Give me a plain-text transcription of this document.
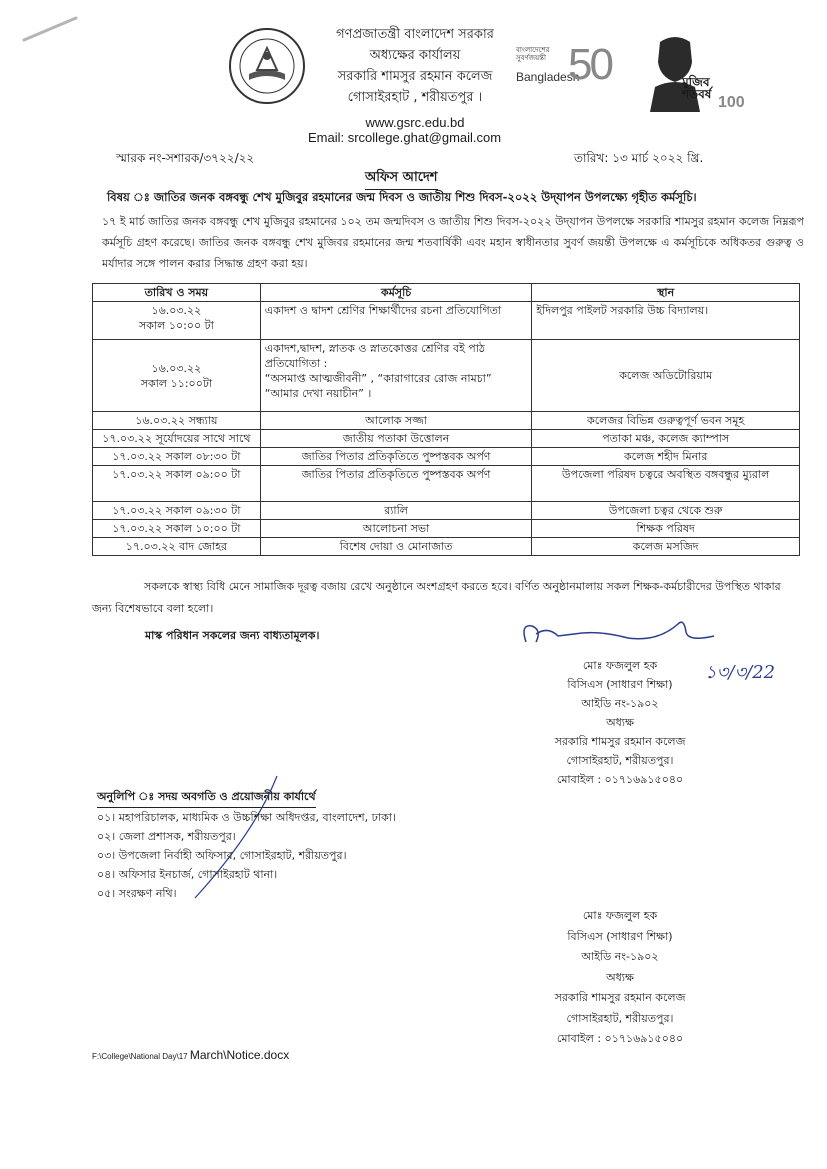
গণপ্রজাতন্ত্রী বাংলাদেশ সরকার
অধ্যক্ষের কার্যালয়
সরকারি শামসুর রহমান কলেজ
গোসাইরহাট , শরীয়তপুর ।
www.gsrc.edu.bd
Email: srcollege.ghat@gmail.com
বাংলাদেশের সুবর্ণজয়ন্তী
Bangladesh
50	মুজিব শতবর্ষ 100
স্মারক নং-সশারক/৩৭২২/২২	তারিখ: ১৩ মার্চ ২০২২ খ্রি.
অফিস আদেশ
বিষয় ঃ জাতির জনক বঙ্গবন্ধু শেখ মুজিবুর রহমানের জন্ম দিবস ও জাতীয় শিশু দিবস-২০২২ উদ্‌যাপন উপলক্ষ্যে গৃহীত কর্মসূচি।
১৭ ই মার্চ জাতির জনক বঙ্গবন্ধু শেখ মুজিবুর রহমানের ১০২ তম জন্মদিবস ও জাতীয় শিশু দিবস-২০২২ উদ্‌যাপন উপলক্ষে সরকারি শামসুর রহমান কলেজ নিম্নরূপ কর্মসূচি গ্রহণ করেছে। জাতির জনক বঙ্গবন্ধু শেখ মুজিবর রহমানের জন্ম শতবার্ষিকী এবং মহান স্বাধীনতার সুবর্ণ জয়ন্তী উপলক্ষে এ কর্মসূচিকে অধিকতর গুরুত্ব ও মর্যাদার সঙ্গে পালন করার সিদ্ধান্ত গ্রহণ করা হয়।
তারিখ ও সময়	কর্মসূচি	স্থান
১৬.০৩.২২
সকাল ১০:০০ টা	একাদশ ও দ্বাদশ শ্রেণির শিক্ষার্থীদের রচনা প্রতিযোগিতা	ইদিলপুর পাইলট সরকারি উচ্চ বিদ্যালয়।
১৬.০৩.২২
সকাল ১১:০০টা	একাদশ,দ্বাদশ, স্নাতক ও স্নাতকোত্তর শ্রেণির বই পাঠ প্রতিযোগিতা :
“অসমাপ্ত আত্মজীবনী” , “কারাগারের রোজ নামচা”
“আমার দেখা নয়াচীন” ।	কলেজ অডিটোরিয়াম
১৬.০৩.২২ সন্ধ্যায়	আলোক সজ্জা	কলেজর বিভিন্ন গুরুত্বপূর্ণ ভবন সমূহ
১৭.০৩.২২ সূর্যোদয়ের সাথে সাথে	জাতীয় পতাকা উত্তোলন	পতাকা মঞ্চ, কলেজ ক্যাম্পাস
১৭.০৩.২২ সকাল ০৮:৩০ টা	জাতির পিতার প্রতিকৃতিতে পুষ্পস্তবক অর্পণ	কলেজ শহীদ মিনার
১৭.০৩.২২ সকাল ০৯:০০ টা	জাতির পিতার প্রতিকৃতিতে পুষ্পস্তবক অর্পণ	উপজেলা পরিষদ চত্বরে অবস্থিত বঙ্গবন্ধুর ম্যুরাল
১৭.০৩.২২ সকাল ০৯:৩০ টা	র‍্যালি	উপজেলা চত্বর থেকে শুরু
১৭.০৩.২২ সকাল ১০:০০ টা	আলোচনা সভা	শিক্ষক পরিষদ
১৭.০৩.২২ বাদ জোহর	বিশেষ দোয়া ও মোনাজাত	কলেজ মসজিদ
সকলকে স্বাস্থ্য বিধি মেনে সামাজিক দূরত্ব বজায় রেখে অনুষ্ঠানে অংশগ্রহণ করতে হবে। বর্ণিত অনুষ্ঠানমালায় সকল শিক্ষক-কর্মচারীদের উপস্থিত থাকার জন্য বিশেষভাবে বলা হলো।
মাস্ক পরিধান সকলের জন্য বাধ্যতামূলক।
১৩/৩/22
মোঃ ফজলুল হক
বিসিএস (সাধারণ শিক্ষা)
আইডি নং-১৯০২
অধ্যক্ষ
সরকারি শামসুর রহমান কলেজ
গোসাইরহাট, শরীয়তপুর।
মোবাইল : ০১৭১৬৯১৫০৪০
অনুলিপি ঃ সদয় অবগতি ও প্রয়োজনীয় কার্যার্থে
০১। মহাপরিচালক, মাধ্যমিক ও উচ্চশিক্ষা অধিদপ্তর, বাংলাদেশ, ঢাকা।
০২। জেলা প্রশাসক, শরীয়তপুর।
০৩। উপজেলা নির্বাহী অফিসার, গোসাইরহাট, শরীয়তপুর।
০৪। অফিসার ইনচার্জ, গোসাইরহাট থানা।
০৫। সংরক্ষণ নথি।
মোঃ ফজলুল হক
বিসিএস (সাধারণ শিক্ষা)
আইডি নং-১৯০২
অধ্যক্ষ
সরকারি শামসুর রহমান কলেজ
গোসাইরহাট, শরীয়তপুর।
মোবাইল : ০১৭১৬৯১৫০৪০
F:\College\National Day\17 March\Notice.docx
